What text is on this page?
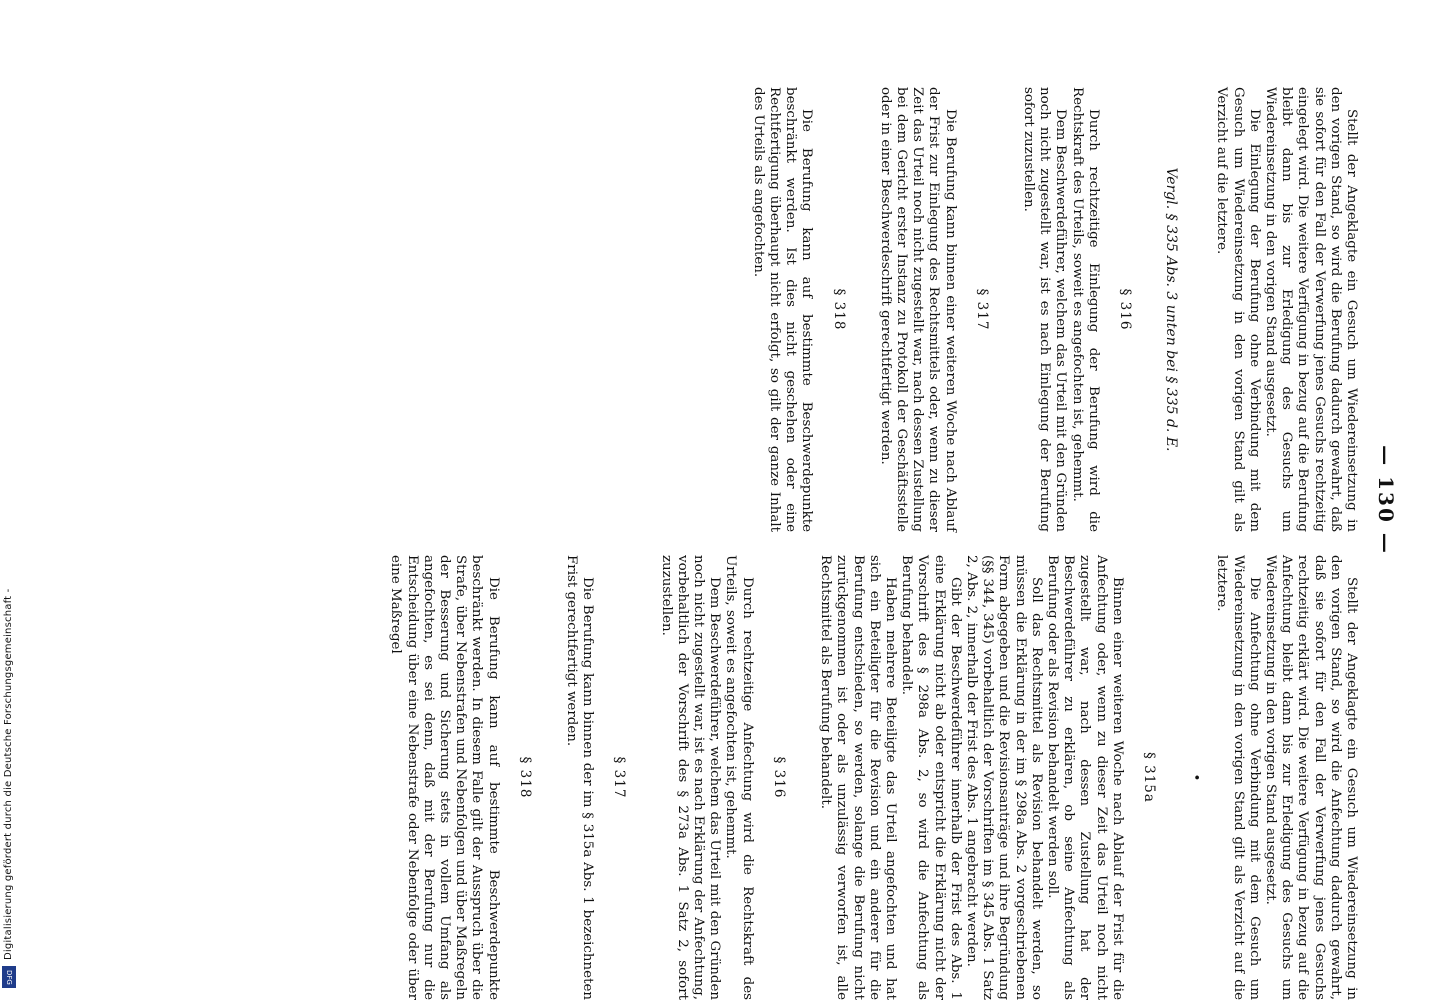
— 130 —

Stellt der Angeklagte ein Gesuch um Wiedereinsetzung in den vorigen Stand, so wird die Berufung dadurch gewahrt, daß sie sofort für den Fall der Verwerfung jenes Gesuchs rechtzeitig eingelegt wird. Die weitere Verfügung in bezug auf die Berufung bleibt dann bis zur Erledigung des Gesuchs um Wiedereinsetzung in den vorigen Stand ausgesetzt.

Die Einlegung der Berufung ohne Verbindung mit dem Gesuch um Wiedereinsetzung in den vorigen Stand gilt als Verzicht auf die letztere.

Vergl. § 335 Abs. 3 unten bei § 335 d. E.

§ 316

Durch rechtzeitige Einlegung der Berufung wird die Rechtskraft des Urteils, soweit es angefochten ist, gehemmt.

Dem Beschwerdeführer, welchem das Urteil mit den Gründen noch nicht zugestellt war, ist es nach Einlegung der Berufung sofort zuzustellen.

§ 317

Die Berufung kann binnen einer weiteren Woche nach Ablauf der Frist zur Einlegung des Rechtsmittels oder, wenn zu dieser Zeit das Urteil noch nicht zugestellt war, nach dessen Zustellung bei dem Gericht erster Instanz zu Protokoll der Geschäftsstelle oder in einer Beschwerdeschrift gerechtfertigt werden.

§ 318

Die Berufung kann auf bestimmte Beschwerdepunkte beschränkt werden. Ist dies nicht geschehen oder eine Rechtfertigung überhaupt nicht erfolgt, so gilt der ganze Inhalt des Urteils als angefochten.

Stellt der Angeklagte ein Gesuch um Wiedereinsetzung in den vorigen Stand, so wird die Anfechtung dadurch gewahrt, daß sie sofort für den Fall der Verwerfung jenes Gesuchs rechtzeitig erklärt wird. Die weitere Verfügung in bezug auf die Anfechtung bleibt dann bis zur Erledigung des Gesuchs um Wiedereinsetzung in den vorigen Stand ausgesetzt.

Die Anfechtung ohne Verbindung mit dem Gesuch um Wiedereinsetzung in den vorigen Stand gilt als Verzicht auf die letztere.

•

§ 315a

Binnen einer weiteren Woche nach Ablauf der Frist für die Anfechtung oder, wenn zu dieser Zeit das Urteil noch nicht zugestellt war, nach dessen Zustellung hat der Beschwerdeführer zu erklären, ob seine Anfechtung als Berufung oder als Revision behandelt werden soll.

Soll das Rechtsmittel als Revision behandelt werden, so müssen die Erklärung in der im § 298a Abs. 2 vorgeschriebenen Form abgegeben und die Revisionsanträge und ihre Begründung (§§ 344, 345) vorbehaltlich der Vorschriften im § 345 Abs. 1 Satz 2, Abs. 2, innerhalb der Frist des Abs. 1 angebracht werden.

Gibt der Beschwerdeführer innerhalb der Frist des Abs. 1 eine Erklärung nicht ab oder entspricht die Erklärung nicht der Vorschrift des § 298a Abs. 2, so wird die Anfechtung als Berufung behandelt.

Haben mehrere Beteiligte das Urteil angefochten und hat sich ein Beteiligter für die Revision und ein anderer für die Berufung entschieden, so werden, solange die Berufung nicht zurückgenommen ist oder als unzulässig verworfen ist, alle Rechtsmittel als Berufung behandelt.

§ 316

Durch rechtzeitige Anfechtung wird die Rechtskraft des Urteils, soweit es angefochten ist, gehemmt.

Dem Beschwerdeführer, welchem das Urteil mit den Gründen noch nicht zugestellt war, ist es nach Erklärung der Anfechtung, vorbehaltlich der Vorschrift des § 273a Abs. 1 Satz 2, sofort zuzustellen.

§ 317

Die Berufung kann binnen der im § 315a Abs. 1 bezeichneten Frist gerechtfertigt werden.

§ 318

Die Berufung kann auf bestimmte Beschwerdepunkte beschränkt werden. In diesem Falle gilt der Ausspruch über die Strafe, über Nebenstrafen und Nebenfolgen und über Maßregeln der Besserung und Sicherung stets in vollem Umfang als angefochten, es sei denn, daß mit der Berufung nur die Entscheidung über eine Nebenstrafe oder Nebenfolge oder über eine Maßregel

Digitalisierung gefördert durch die Deutsche Forschungsgemeinschaft -
DFG
